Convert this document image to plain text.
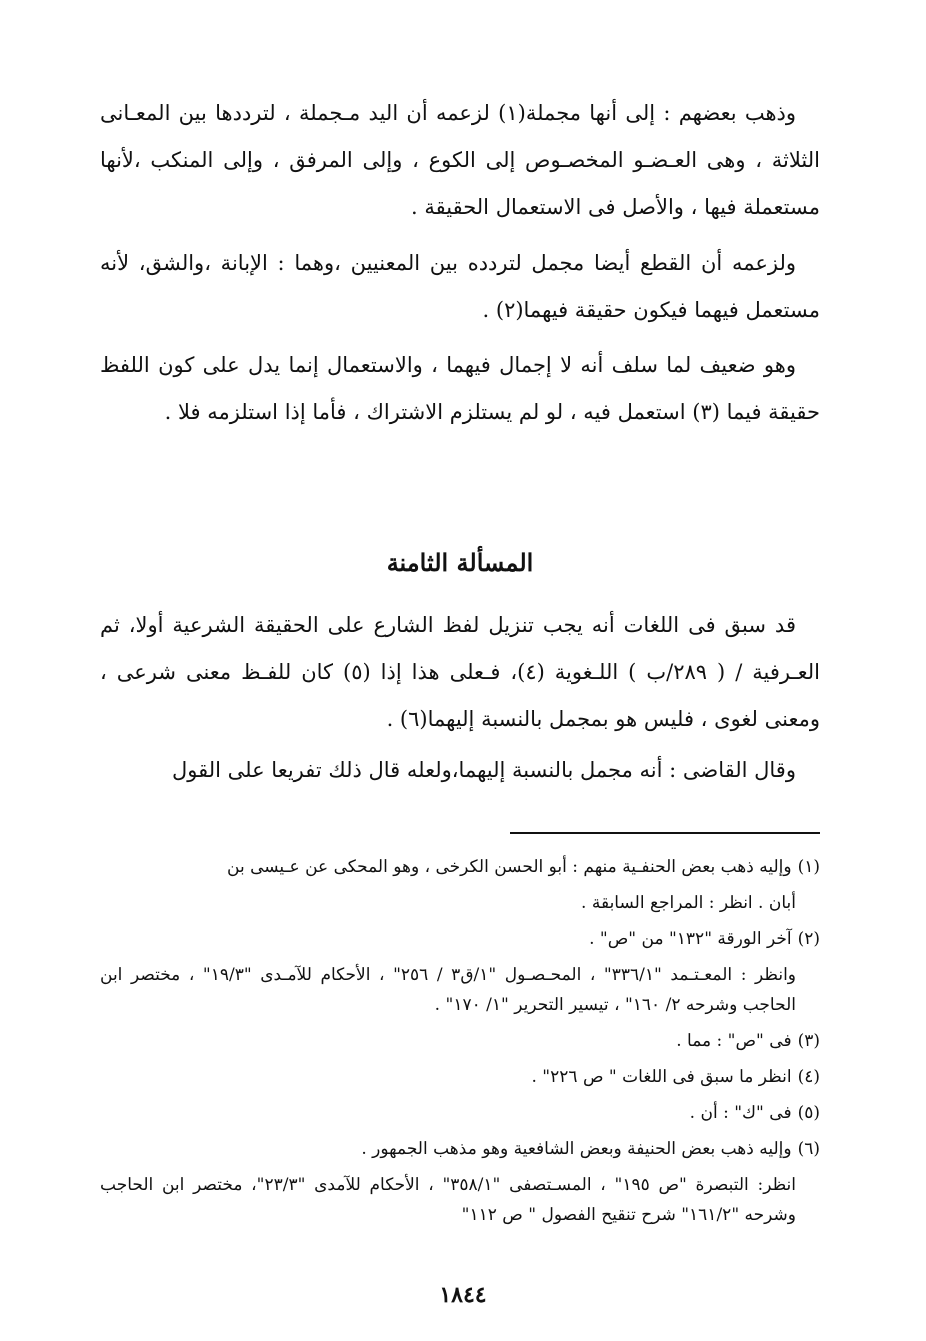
وذهب بعضهم : إلى أنها مجملة(١) لزعمه أن اليد مـجملة ، لترددها بين المعـانى الثلاثة ، وهى العـضـو المخصـوص إلى الكوع ، وإلى المرفق ، وإلى المنكب ،لأنها مستعملة فيها ، والأصل فى الاستعمال الحقيقة .

ولزعمه أن القطع أيضا مجمل لتردده بين المعنيين ،وهما : الإبانة ،والشق، لأنه مستعمل فيهما فيكون حقيقة فيهما(٢) .

وهو ضعيف لما سلف أنه لا إجمال فيهما ، والاستعمال إنما يدل على كون اللفظ حقيقة فيما (٣) استعمل فيه ، لو لم يستلزم الاشتراك ، فأما إذا استلزمه فلا .

المسألة الثامنة

قد سبق فى اللغات أنه يجب تنزيل لفظ الشارع على الحقيقة الشرعية أولا، ثم العـرفية / ( ٢٨٩/ب ) اللـغوية (٤)، فـعلى هذا إذا (٥) كان للفـظ معنى شرعى ، ومعنى لغوى ، فليس هو بمجمل بالنسبة إليهما(٦) .

وقال القاضى : أنه مجمل بالنسبة إليهما،ولعله قال ذلك تفريعا على القول

(١)وإليه ذهب بعض الحنفـية منهم : أبو الحسن الكرخى ، وهو المحكى عن عـيسى بن

أبان . انظر : المراجع السابقة .

(٢)آخر الورقة "١٣٢" من "ص" .

وانظر : المعـتـمد "٣٣٦/١" ، المحـصـول "١/ق٣ / ٢٥٦" ، الأحكام للآمـدى "١٩/٣" ، مختصر ابن الحاجب وشرحه ٢/ ١٦٠" ، تيسير التحرير "١/ ١٧٠" .

(٣)فى "ص" : مما .

(٤)انظر ما سبق فى اللغات " ص ٢٢٦" .

(٥)فى "ك" : أن .

(٦)وإليه ذهب بعض الحنيفة وبعض الشافعية وهو مذهب الجمهور .

انظر: التبصرة "ص ١٩٥" ، المسـتصفى "٣٥٨/١" ، الأحكام للآمدى "٢٣/٣"، مختصر ابن الحاجب وشرحه "١٦١/٢" شرح تنقيح الفصول " ص ١١٢"

١٨٤٤
